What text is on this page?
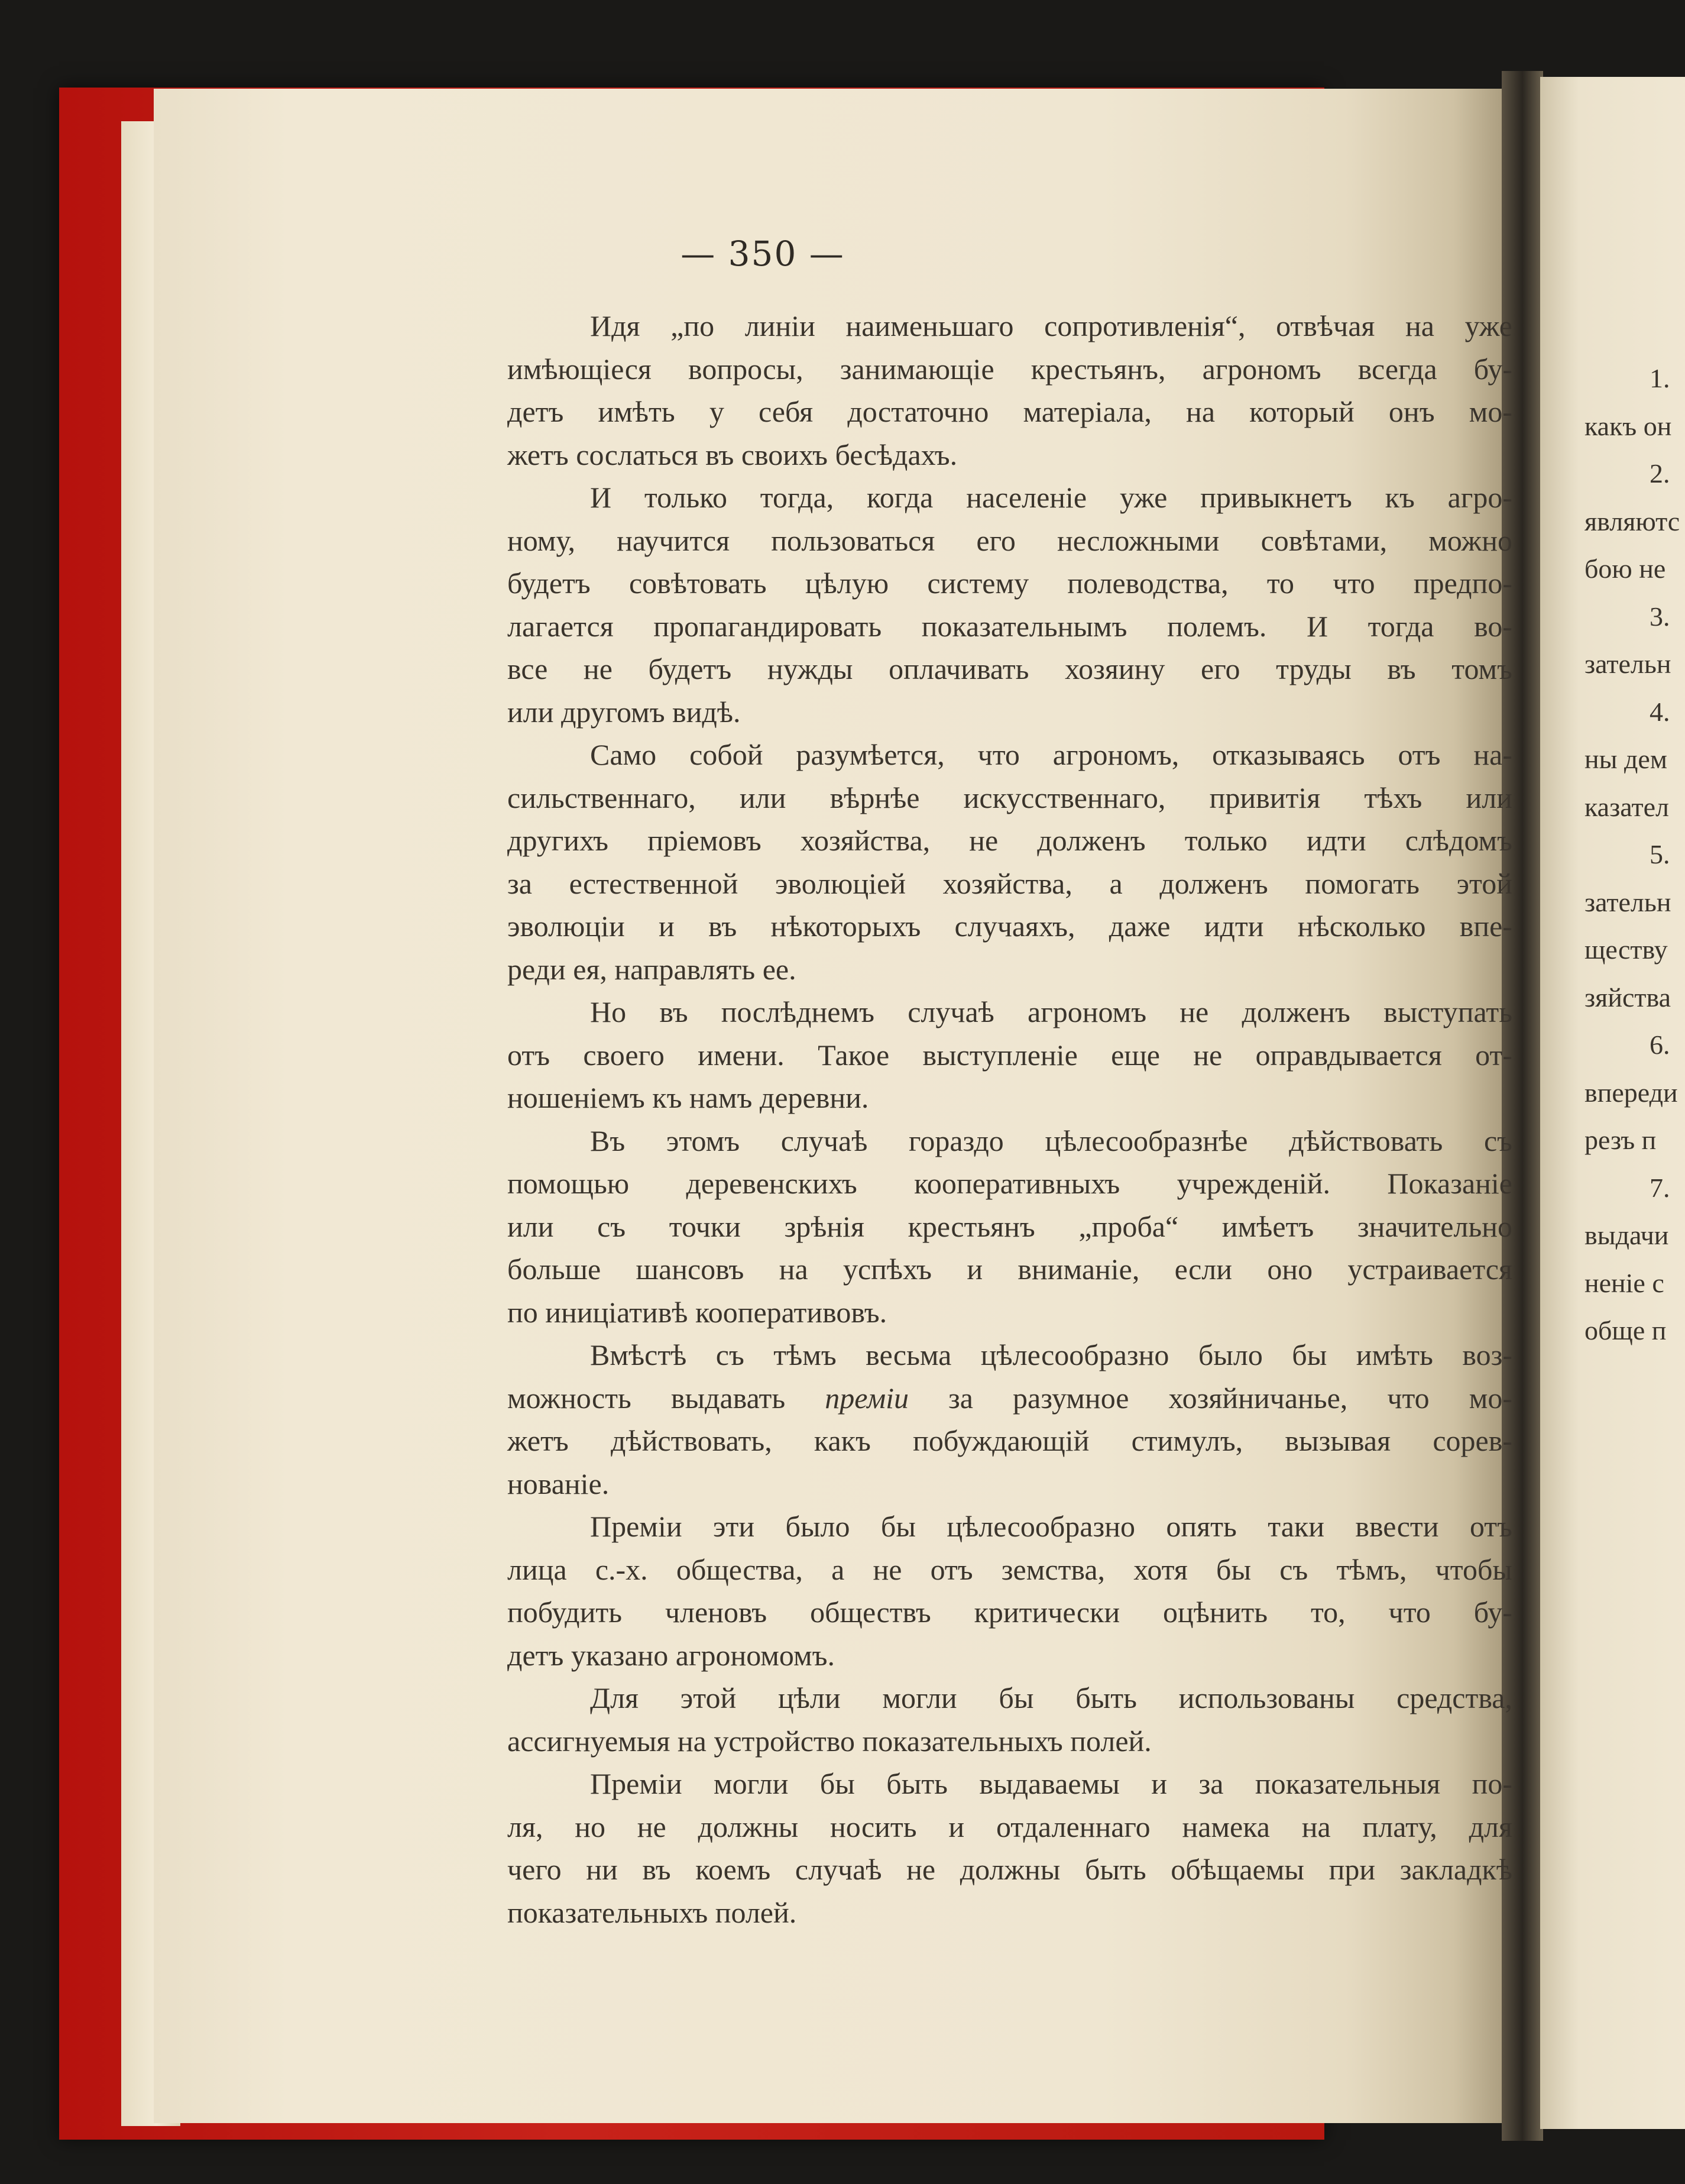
— 350 —
Идя „по линіи наименьшаго сопротивленія“, отвѣчая на уже
имѣющіеся вопросы, занимающіе крестьянъ, агрономъ всегда бу-
детъ имѣть у себя достаточно матеріала, на который онъ мо-
жетъ сослаться въ своихъ бесѣдахъ.
И только тогда, когда населеніе уже привыкнетъ къ агро-
ному, научится пользоваться его несложными совѣтами, можно
будетъ совѣтовать цѣлую систему полеводства, то что предпо-
лагается пропагандировать показательнымъ полемъ. И тогда во-
все не будетъ нужды оплачивать хозяину его труды въ томъ
или другомъ видѣ.
Само собой разумѣется, что агрономъ, отказываясь отъ на-
сильственнаго, или вѣрнѣе искусственнаго, привитія тѣхъ или
другихъ пріемовъ хозяйства, не долженъ только идти слѣдомъ
за естественной эволюціей хозяйства, а долженъ помогать этой
эволюціи и въ нѣкоторыхъ случаяхъ, даже идти нѣсколько впе-
реди ея, направлять ее.
Но въ послѣднемъ случаѣ агрономъ не долженъ выступать
отъ своего имени. Такое выступленіе еще не оправдывается от-
ношеніемъ къ намъ деревни.
Въ этомъ случаѣ гораздо цѣлесообразнѣе дѣйствовать съ
помощью деревенскихъ кооперативныхъ учрежденій. Показаніе
или съ точки зрѣнія крестьянъ „проба“ имѣетъ значительно
больше шансовъ на успѣхъ и вниманіе, если оно устраивается
по иниціативѣ кооперативовъ.
Вмѣстѣ съ тѣмъ весьма цѣлесообразно было бы имѣть воз-
можность выдавать преміи за разумное хозяйничанье, что мо-
жетъ дѣйствовать, какъ побуждающій стимулъ, вызывая сорев-
нованіе.
Преміи эти было бы цѣлесообразно опять таки ввести отъ
лица с.-х. общества, а не отъ земства, хотя бы съ тѣмъ, чтобы
побудить членовъ обществъ критически оцѣнить то, что бу-
детъ указано агрономомъ.
Для этой цѣли могли бы быть использованы средства,
ассигнуемыя на устройство показательныхъ полей.
Преміи могли бы быть выдаваемы и за показательныя по-
ля, но не должны носить и отдаленнаго намека на плату, для
чего ни въ коемъ случаѣ не должны быть обѣщаемы при закладкѣ
показательныхъ полей.
1.
какъ он
2.
являютс
бою не
3.
зательн
4.
ны дем
казател
5.
зательн
ществу
зяйства
6.
впереди
резъ п
7.
выдачи
неніе с
обще п
